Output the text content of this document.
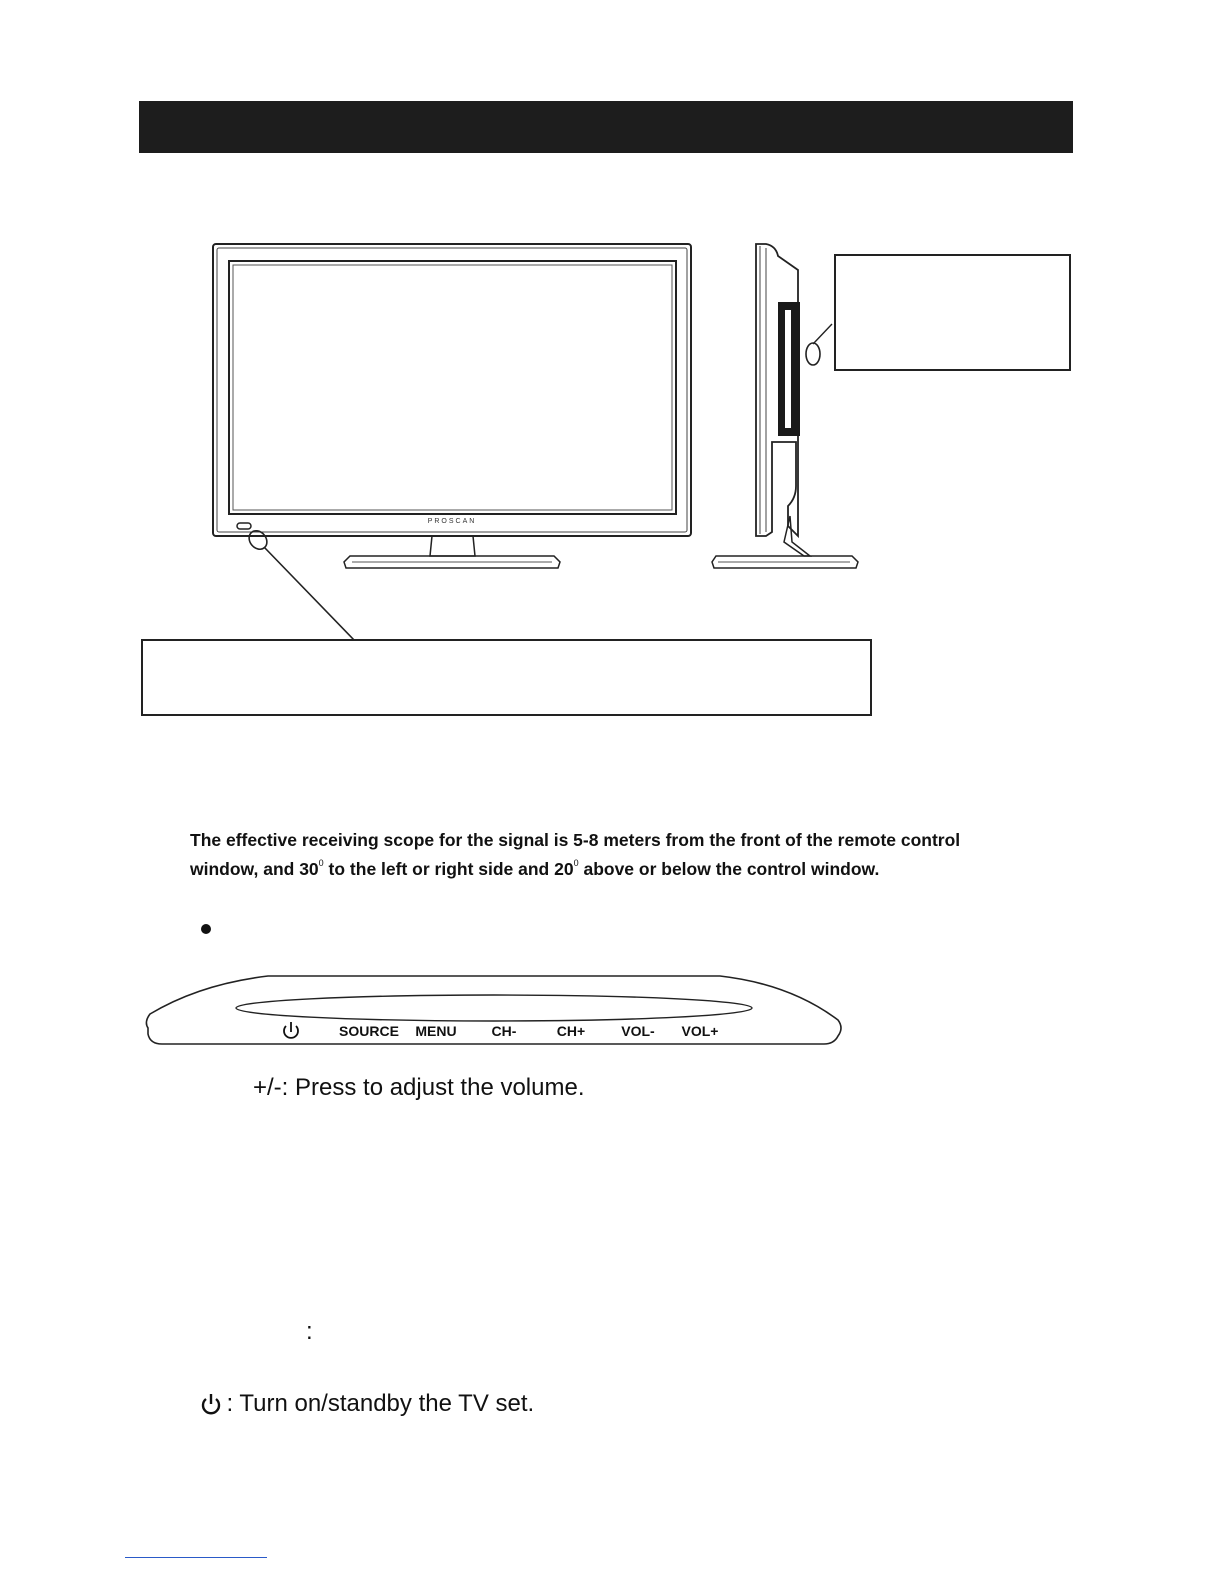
PROSCAN
The effective receiving scope for the signal is 5-8 meters from the front of the remote control window, and $30^0$ to the left or right side and $20^0$ above or below the control window.
SOURCE MENU CH-	CH+	VOL- VOL+
+/-: Press to adjust the volume.
:
: Turn on/standby the TV set.
